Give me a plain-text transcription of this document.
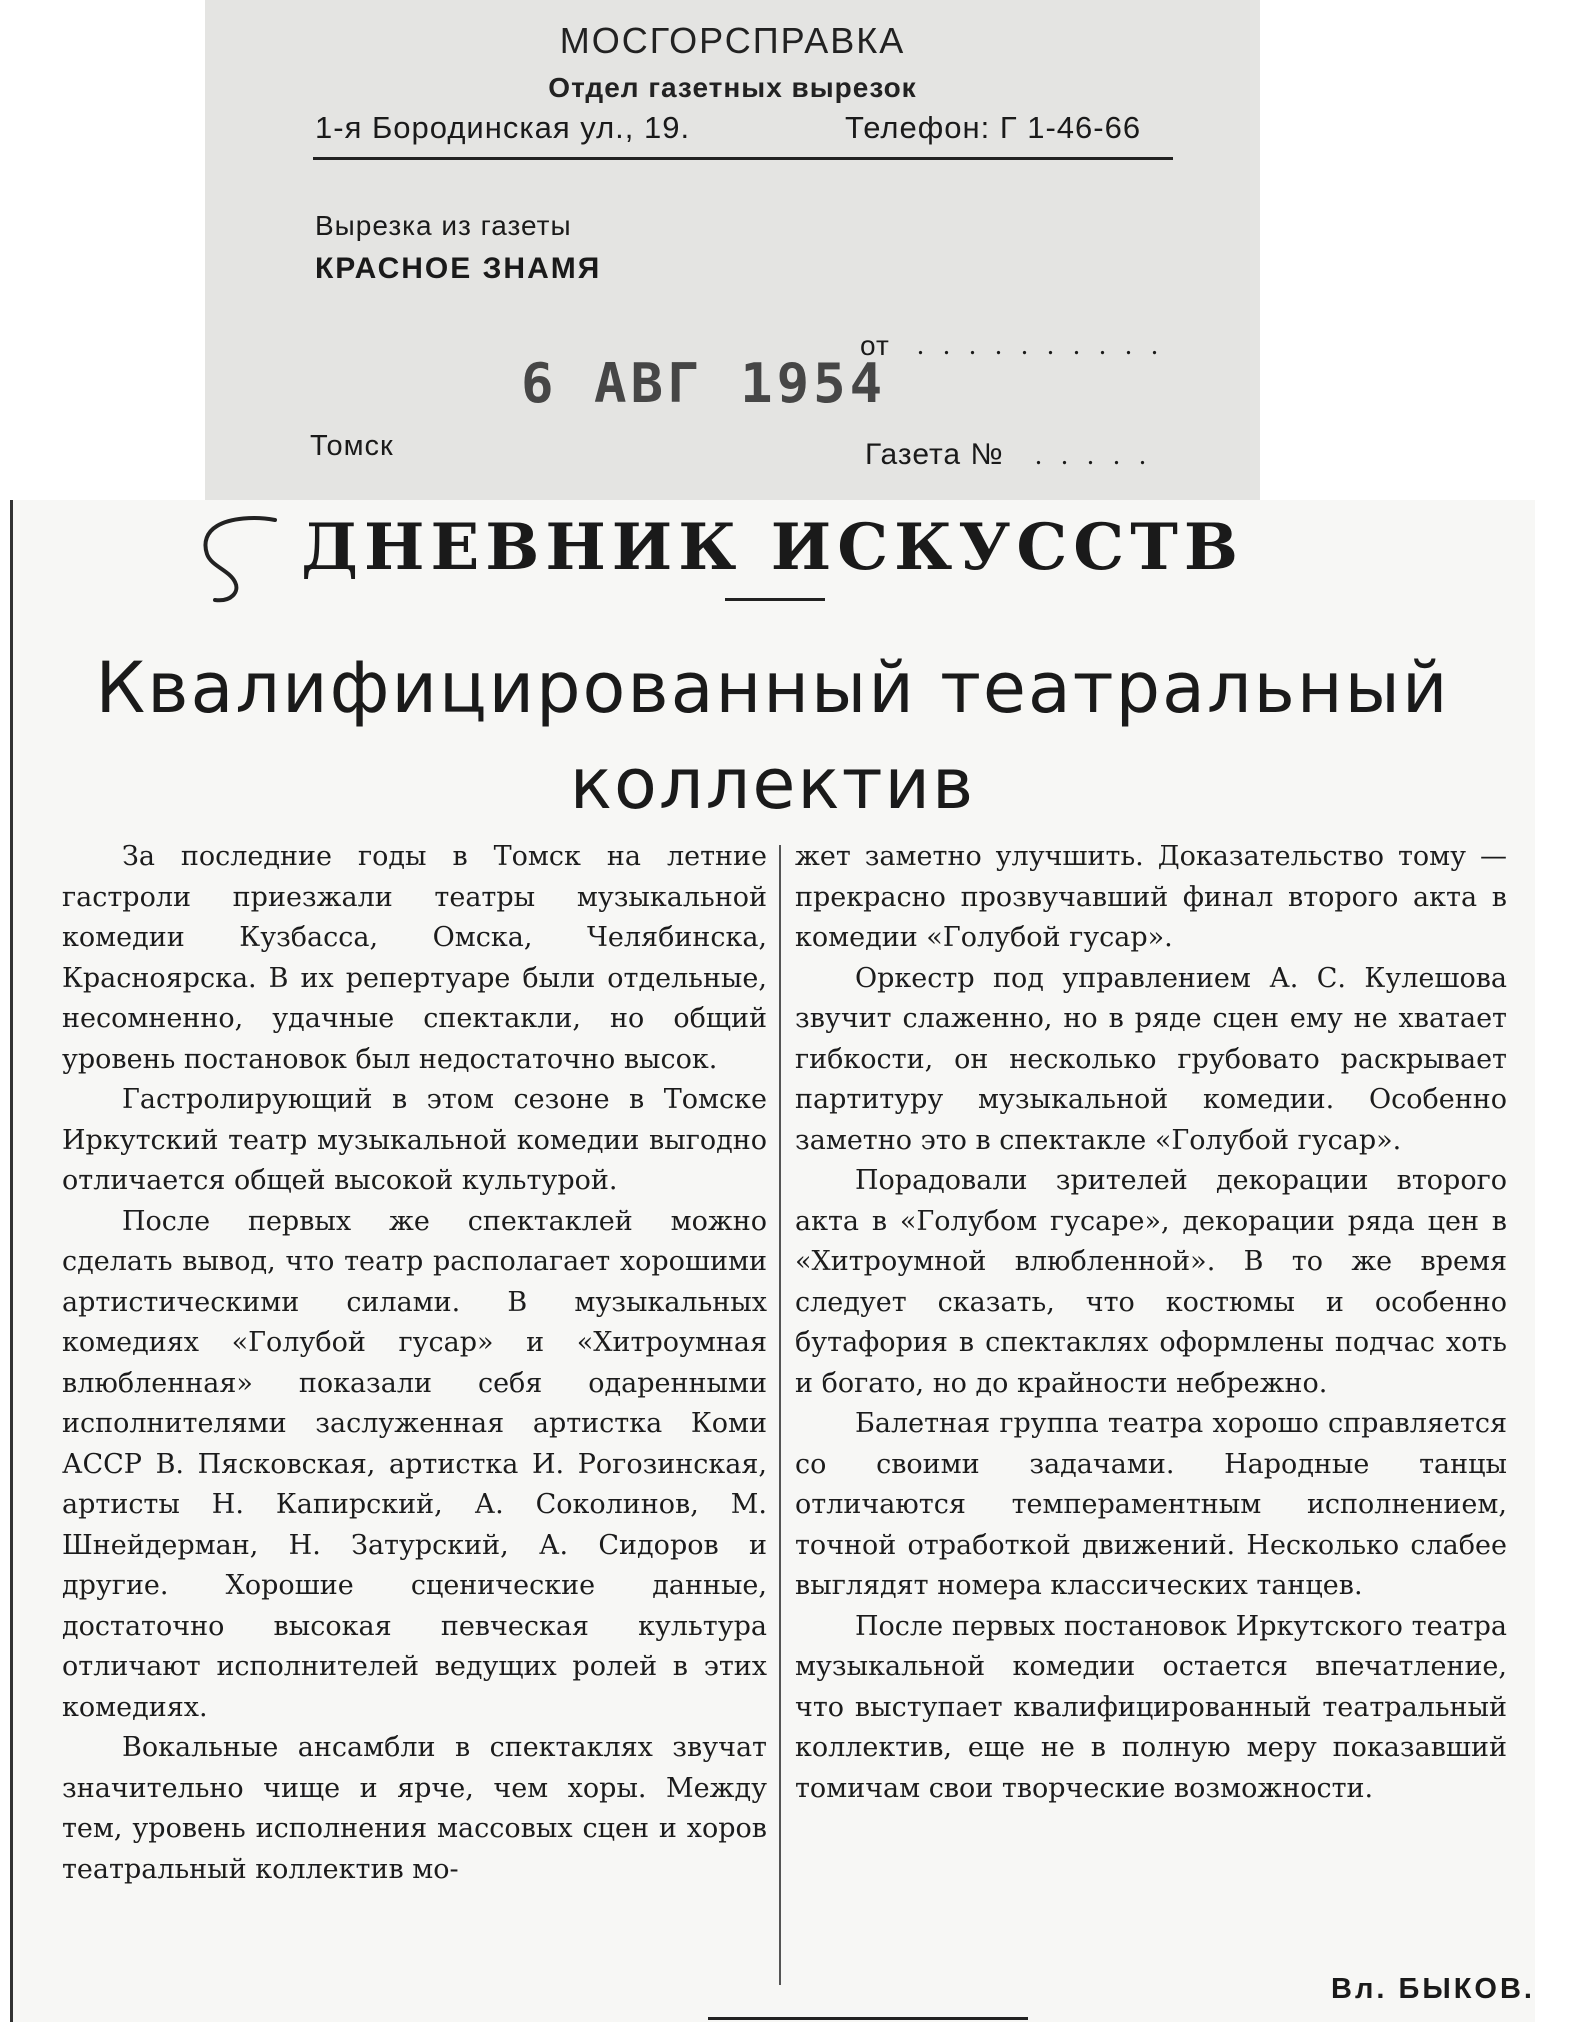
МОСГОРСПРАВКА
Отдел газетных вырезок
1-я Бородинская ул., 19.	Телефон: Г 1-46-66
Вырезка из газеты
КРАСНОЕ ЗНАМЯ
от . . . . . . . . . .
6 АВГ 1954
Томск	Газета № . . . . .
ДНЕВНИК ИСКУССТВ
Квалифицированный театральный
коллектив

За последние годы в Томск на летние гастроли приезжали театры музыкальной комедии Кузбасса, Омска, Челябинска, Красноярска. В их репертуаре были отдельные, несомненно, удачные спектакли, но общий уровень постановок был недостаточно высок.

Гастролирующий в этом сезоне в Томске Иркутский театр музыкальной комедии выгодно отличается общей высокой культурой.

После первых же спектаклей можно сделать вывод, что театр располагает хорошими артистическими силами. В музыкальных комедиях «Голубой гусар» и «Хитроумная влюбленная» показали себя одаренными исполнителями заслуженная артистка Коми АССР В. Пясковская, артистка И. Рогозинская, артисты Н. Капирский, А. Соколинов, М. Шнейдерман, Н. Затурский, А. Сидоров и другие. Хорошие сценические данные, достаточно высокая певческая культура отличают исполнителей ведущих ролей в этих комедиях.

Вокальные ансамбли в спектаклях звучат значительно чище и ярче, чем хоры. Между тем, уровень исполнения массовых сцен и хоров театральный коллектив мо-

жет заметно улучшить. Доказательство тому — прекрасно прозвучавший финал второго акта в комедии «Голубой гусар».

Оркестр под управлением А. С. Кулешова звучит слаженно, но в ряде сцен ему не хватает гибкости, он несколько грубовато раскрывает партитуру музыкальной комедии. Особенно заметно это в спектакле «Голубой гусар».

Порадовали зрителей декорации второго акта в «Голубом гусаре», декорации ряда цен в «Хитроумной влюбленной». В то же время следует сказать, что костюмы и особенно бутафория в спектаклях оформлены подчас хоть и богато, но до крайности небрежно.

Балетная группа театра хорошо справляется со своими задачами. Народные танцы отличаются темпераментным исполнением, точной отработкой движений. Несколько слабее выглядят номера классических танцев.

После первых постановок Иркутского театра музыкальной комедии остается впечатление, что выступает квалифицированный театральный коллектив, еще не в полную меру показавший томичам свои творческие возможности.

Вл. БЫКОВ.
